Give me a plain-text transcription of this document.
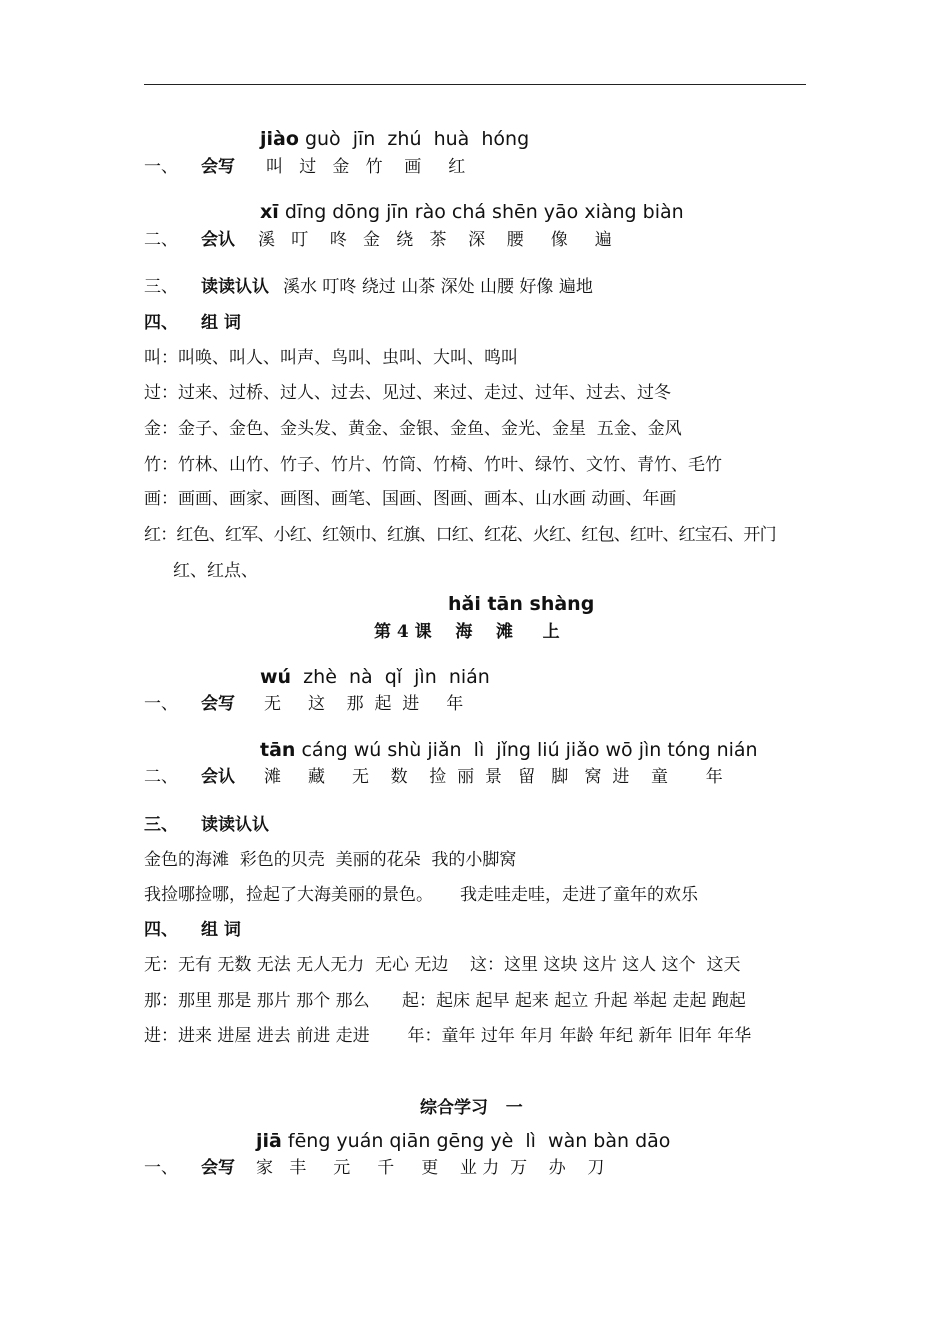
jiào guò  jīn  zhú  huà  hóng
一、 会写 叫   过   金   竹    画     红
xī dīng dōng jīn rào chá shēn yāo xiàng biàn
二、 会认 溪   叮    咚   金   绕   茶    深    腰     像     遍
三、 读读认认 溪水 叮咚 绕过 山茶 深处 山腰 好像 遍地
四、 组 词
叫：叫唤、叫人、叫声、鸟叫、虫叫、大叫、鸣叫
过：过来、过桥、过人、过去、见过、来过、走过、过年、过去、过冬
金：金子、金色、金头发、黄金、金银、金鱼、金光、金星  五金、金风
竹：竹林、山竹、竹子、竹片、竹筒、竹椅、竹叶、绿竹、文竹、青竹、毛竹
画：画画、画家、画图、画笔、国画、图画、画本、山水画 动画、年画
红：红色、红军、小红、红领巾、红旗、口红、红花、火红、红包、红叶、红宝石、开门
红、红点、
hǎi tān shàng
第 4 课    海    滩     上
wú  zhè  nà  qǐ  jìn  nián
一、 会写 无     这    那  起  进     年
tān cáng wú shù jiǎn  lì  jǐng liú jiǎo wō jìn tóng nián
二、 会认 滩     藏     无    数    捡  丽  景   留   脚   窝  进    童       年
三、 读读认认
金色的海滩  彩色的贝壳  美丽的花朵  我的小脚窝
我捡哪捡哪，捡起了大海美丽的景色。     我走哇走哇，走进了童年的欢乐
四、 组 词
无：无有 无数 无法 无人无力  无心 无边    这：这里 这块 这片 这人 这个  这天
那：那里 那是 那片 那个 那么      起：起床 起早 起来 起立 升起 举起 走起 跑起
进：进来 进屋 进去 前进 走进       年：童年 过年 年月 年龄 年纪 新年 旧年 年华
综合学习   一
jiā fēng yuán qiān gēng yè  lì  wàn bàn dāo
一、 会写 家   丰     元     千     更    业 力  万    办    刀
